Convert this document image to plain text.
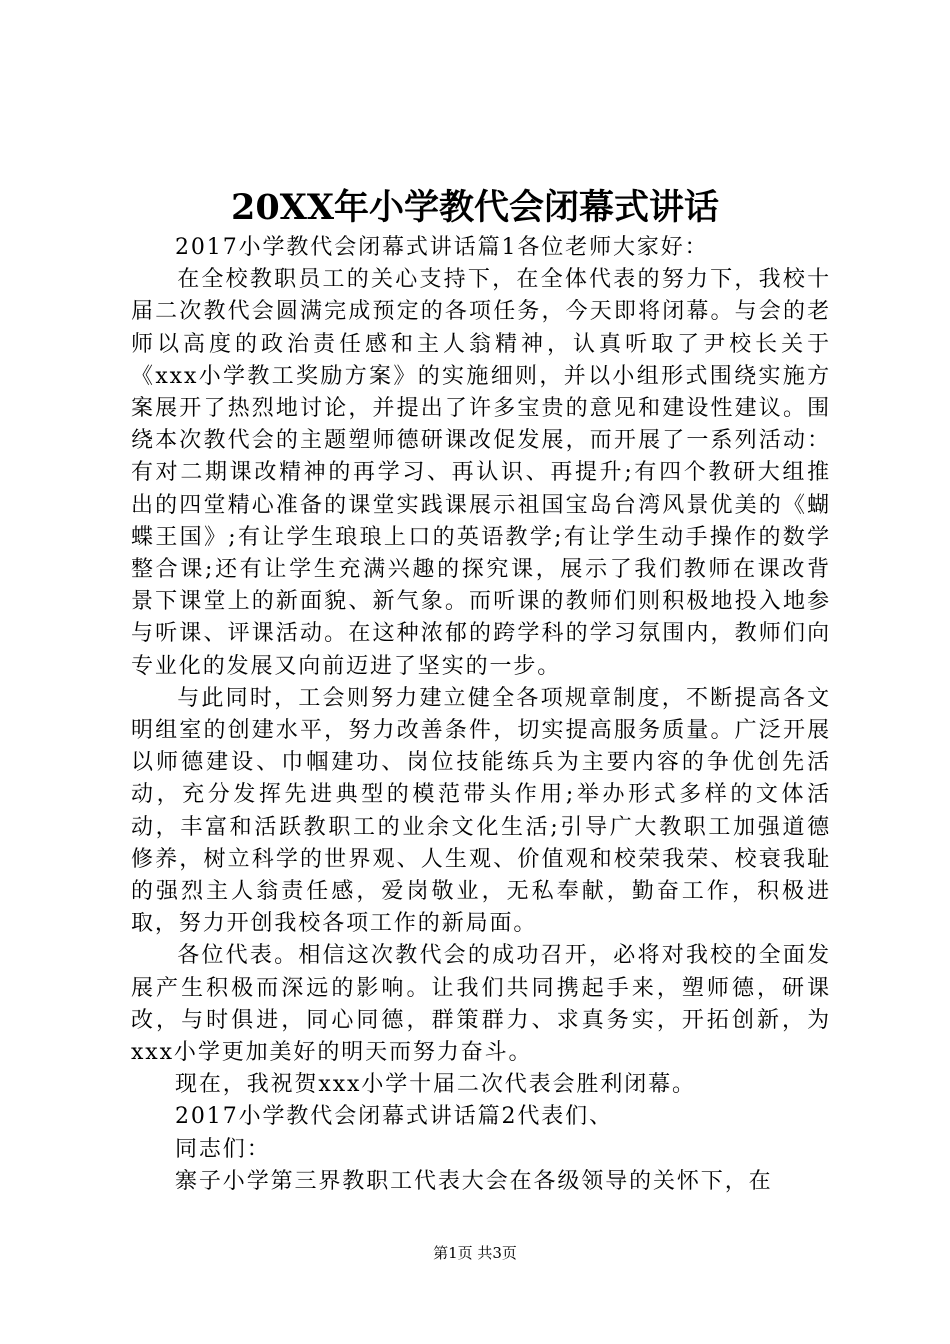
20XX年小学教代会闭幕式讲话

2017小学教代会闭幕式讲话篇1各位老师大家好：

在全校教职员工的关心支持下，在全体代表的努力下，我校十届二次教代会圆满完成预定的各项任务，今天即将闭幕。与会的老师以高度的政治责任感和主人翁精神，认真听取了尹校长关于《xxx小学教工奖励方案》的实施细则，并以小组形式围绕实施方案展开了热烈地讨论，并提出了许多宝贵的意见和建设性建议。围绕本次教代会的主题塑师德研课改促发展，而开展了一系列活动：有对二期课改精神的再学习、再认识、再提升;有四个教研大组推出的四堂精心准备的课堂实践课展示祖国宝岛台湾风景优美的《蝴蝶王国》;有让学生琅琅上口的英语教学;有让学生动手操作的数学整合课;还有让学生充满兴趣的探究课，展示了我们教师在课改背景下课堂上的新面貌、新气象。而听课的教师们则积极地投入地参与听课、评课活动。在这种浓郁的跨学科的学习氛围内，教师们向专业化的发展又向前迈进了坚实的一步。

与此同时，工会则努力建立健全各项规章制度，不断提高各文明组室的创建水平，努力改善条件，切实提高服务质量。广泛开展以师德建设、巾帼建功、岗位技能练兵为主要内容的争优创先活动，充分发挥先进典型的模范带头作用;举办形式多样的文体活动，丰富和活跃教职工的业余文化生活;引导广大教职工加强道德修养，树立科学的世界观、人生观、价值观和校荣我荣、校衰我耻的强烈主人翁责任感，爱岗敬业，无私奉献，勤奋工作，积极进取，努力开创我校各项工作的新局面。

各位代表。相信这次教代会的成功召开，必将对我校的全面发展产生积极而深远的影响。让我们共同携起手来，塑师德，研课改，与时俱进，同心同德，群策群力、求真务实，开拓创新，为xxx小学更加美好的明天而努力奋斗。

现在，我祝贺xxx小学十届二次代表会胜利闭幕。

2017小学教代会闭幕式讲话篇2代表们、

同志们：

寨子小学第三界教职工代表大会在各级领导的关怀下，在

第1页 共3页
